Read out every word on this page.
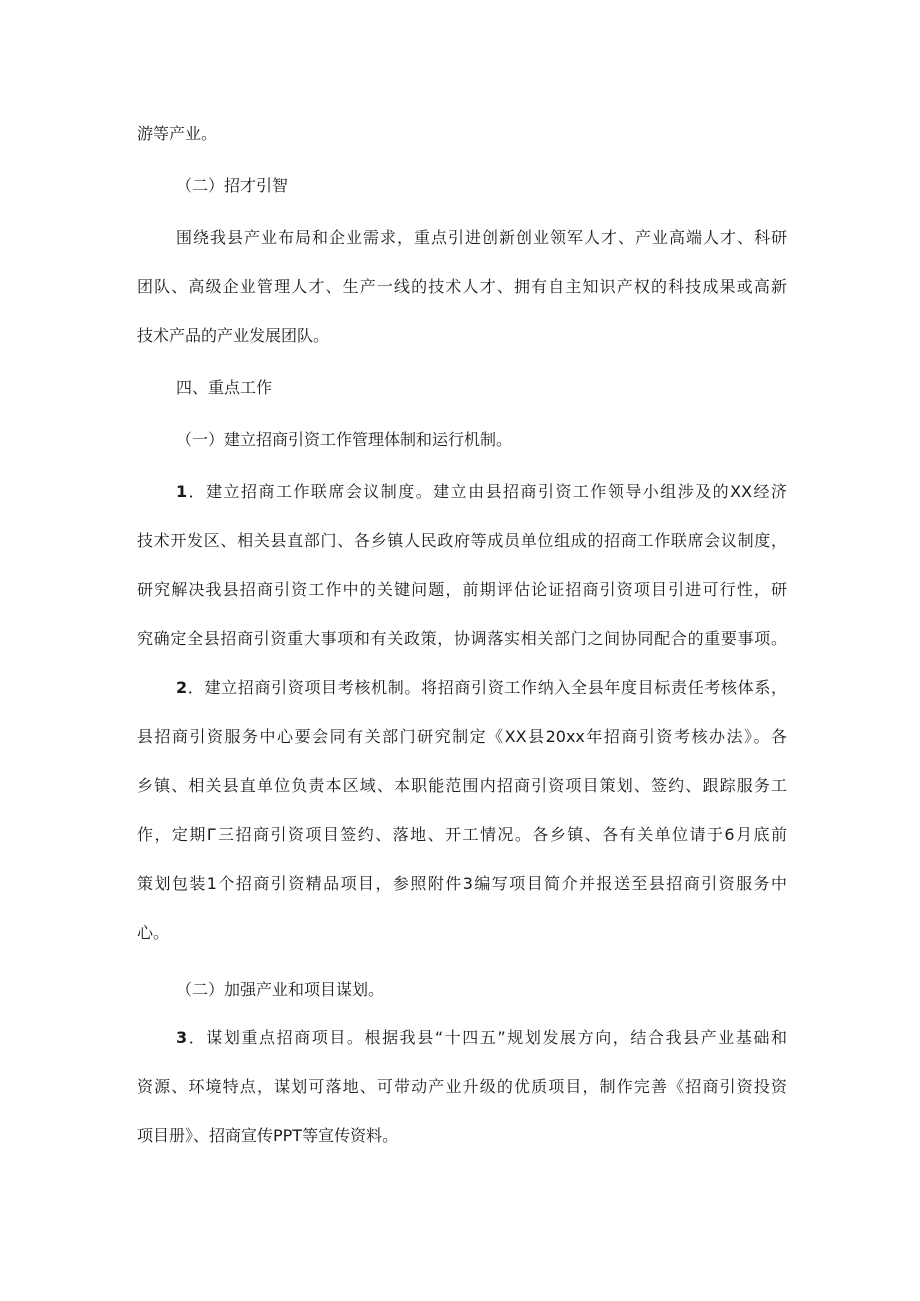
游等产业。
（二）招才引智
围绕我县产业布局和企业需求，重点引进创新创业领军人才、产业高端人才、科研
团队、高级企业管理人才、生产一线的技术人才、拥有自主知识产权的科技成果或高新
技术产品的产业发展团队。
四、重点工作
（一）建立招商引资工作管理体制和运行机制。
1．建立招商工作联席会议制度。建立由县招商引资工作领导小组涉及的XX经济
技术开发区、相关县直部门、各乡镇人民政府等成员单位组成的招商工作联席会议制度，
研究解决我县招商引资工作中的关键问题，前期评估论证招商引资项目引进可行性，研
究确定全县招商引资重大事项和有关政策，协调落实相关部门之间协同配合的重要事项。
2．建立招商引资项目考核机制。将招商引资工作纳入全县年度目标责任考核体系，
县招商引资服务中心要会同有关部门研究制定《XX县20xx年招商引资考核办法》。各
乡镇、相关县直单位负责本区域、本职能范围内招商引资项目策划、签约、跟踪服务工
作，定期Г三招商引资项目签约、落地、开工情况。各乡镇、各有关单位请于6月底前
策划包装1个招商引资精品项目，参照附件3编写项目简介并报送至县招商引资服务中
心。
（二）加强产业和项目谋划。
3．谋划重点招商项目。根据我县“十四五”规划发展方向，结合我县产业基础和
资源、环境特点，谋划可落地、可带动产业升级的优质项目，制作完善《招商引资投资
项目册》、招商宣传PPT等宣传资料。
